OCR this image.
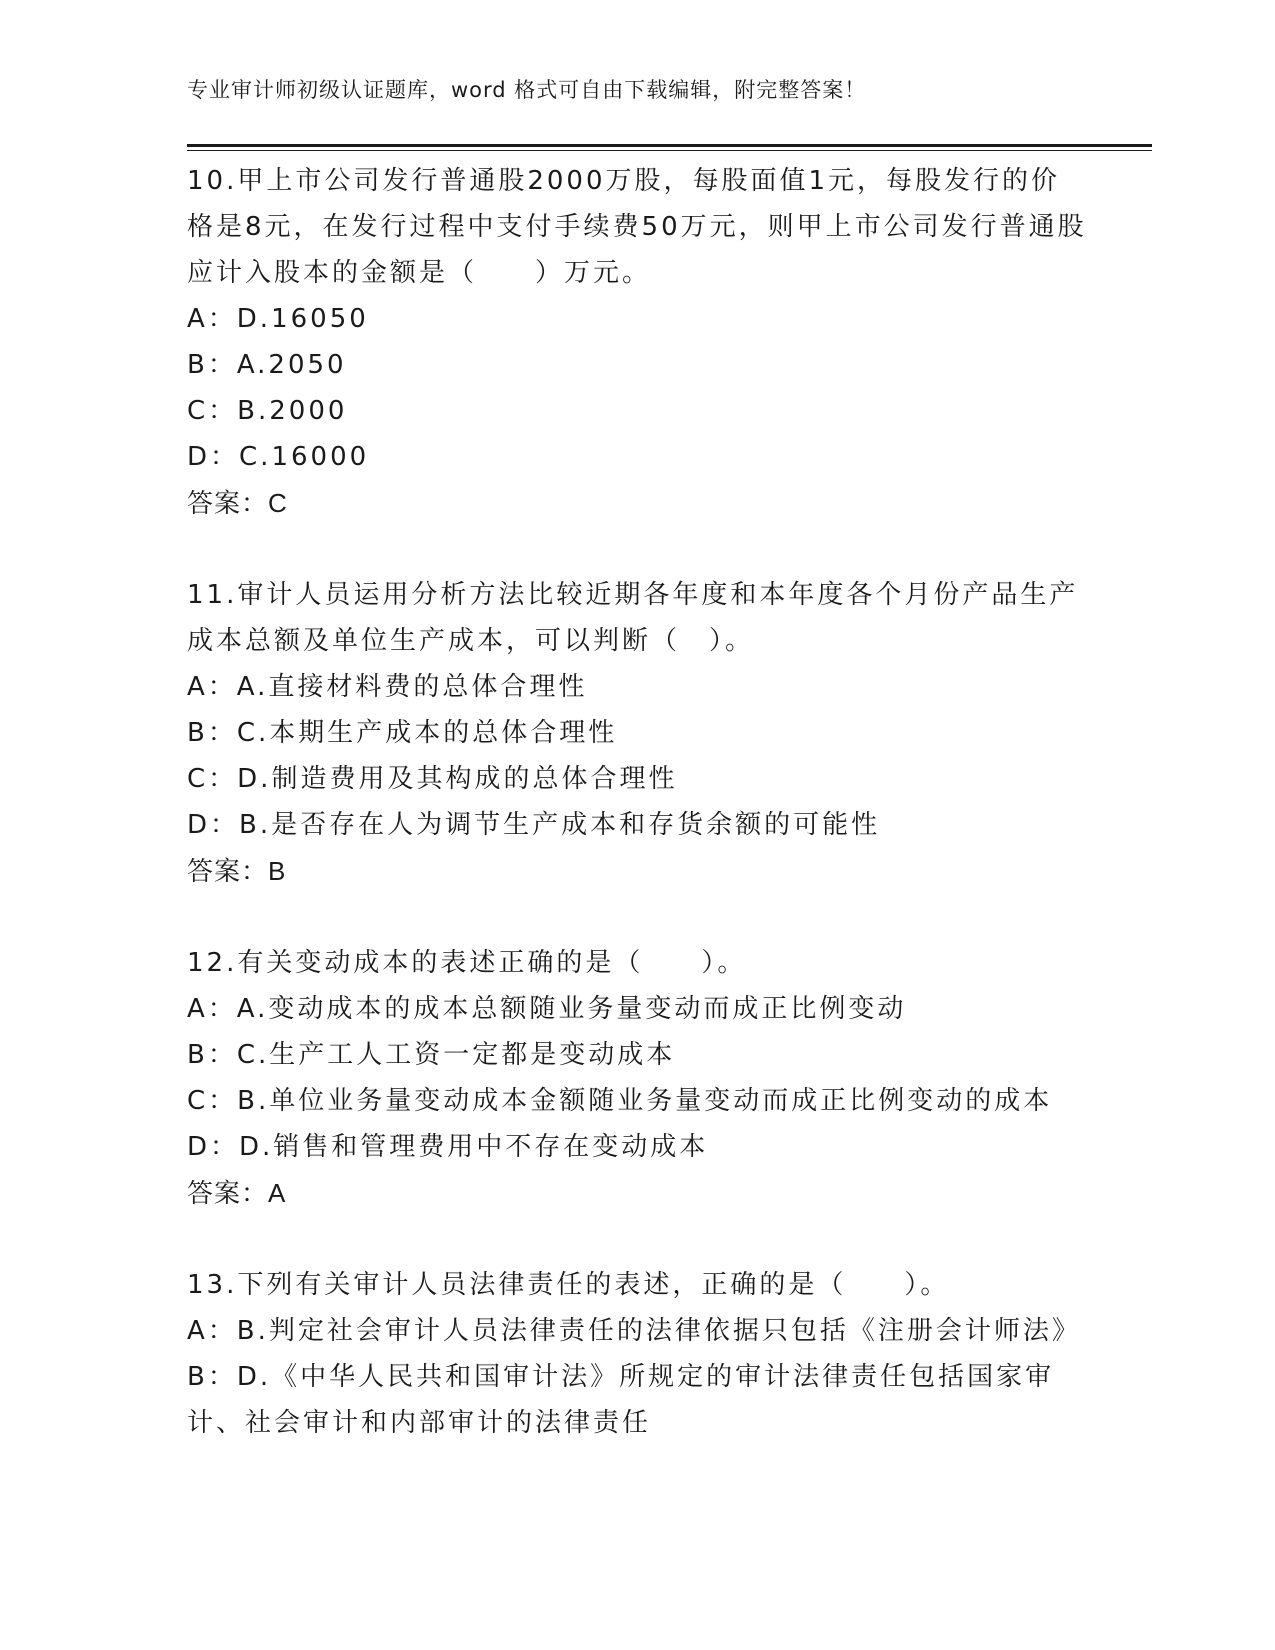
专业审计师初级认证题库，word 格式可自由下载编辑，附完整答案！

10.甲上市公司发行普通股2000万股，每股面值1元，每股发行的价格是8元，在发行过程中支付手续费50万元，则甲上市公司发行普通股应计入股本的金额是（　　）万元。

A：D.16050

B：A.2050

C：B.2000

D：C.16000

答案：C

11.审计人员运用分析方法比较近期各年度和本年度各个月份产品生产成本总额及单位生产成本，可以判断（　）。

A：A.直接材料费的总体合理性

B：C.本期生产成本的总体合理性

C：D.制造费用及其构成的总体合理性

D：B.是否存在人为调节生产成本和存货余额的可能性

答案：B

12.有关变动成本的表述正确的是（　　）。

A：A.变动成本的成本总额随业务量变动而成正比例变动

B：C.生产工人工资一定都是变动成本

C：B.单位业务量变动成本金额随业务量变动而成正比例变动的成本

D：D.销售和管理费用中不存在变动成本

答案：A

13.下列有关审计人员法律责任的表述，正确的是（　　）。

A：B.判定社会审计人员法律责任的法律依据只包括《注册会计师法》

B：D.《中华人民共和国审计法》所规定的审计法律责任包括国家审计、社会审计和内部审计的法律责任
